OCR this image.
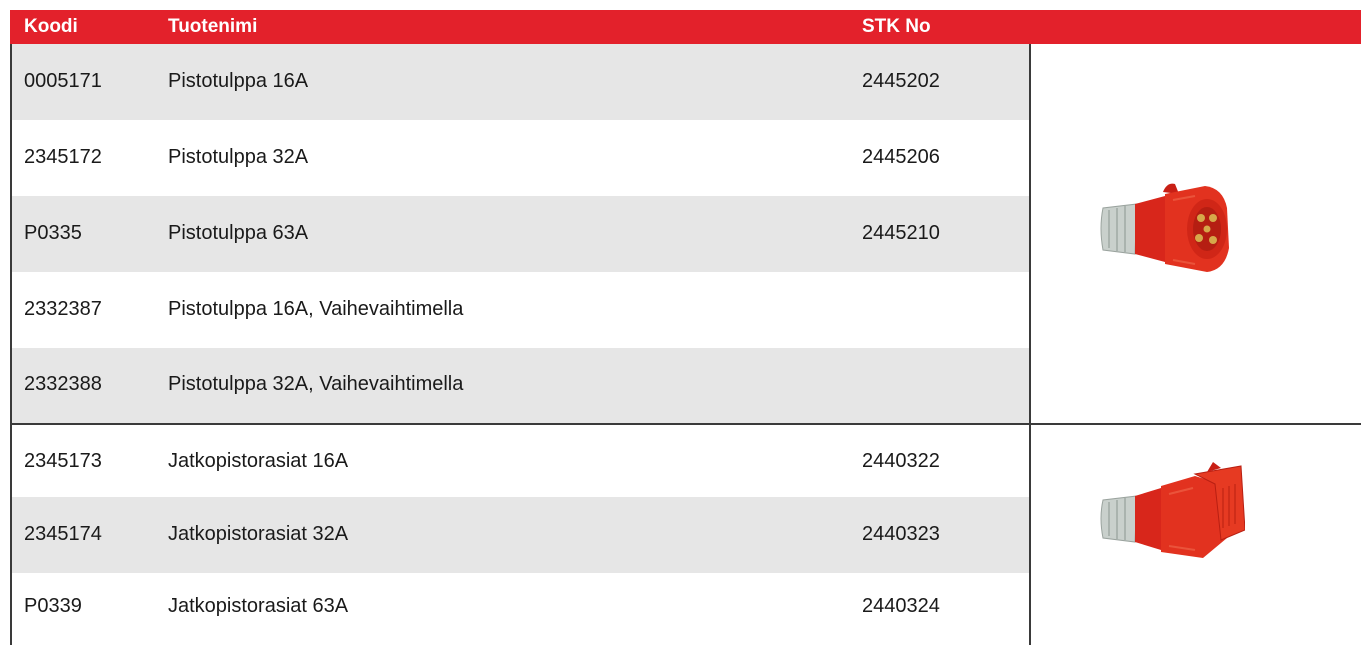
Koodi	Tuotenimi	STK No
0005171	Pistotulppa 16A	2445202
2345172	Pistotulppa 32A	2445206
P0335	Pistotulppa 63A	2445210
2332387	Pistotulppa 16A, Vaihevaihtimella
2332388	Pistotulppa 32A, Vaihevaihtimella
2345173	Jatkopistorasiat 16A	2440322
2345174	Jatkopistorasiat 32A	2440323
P0339	Jatkopistorasiat 63A	2440324
